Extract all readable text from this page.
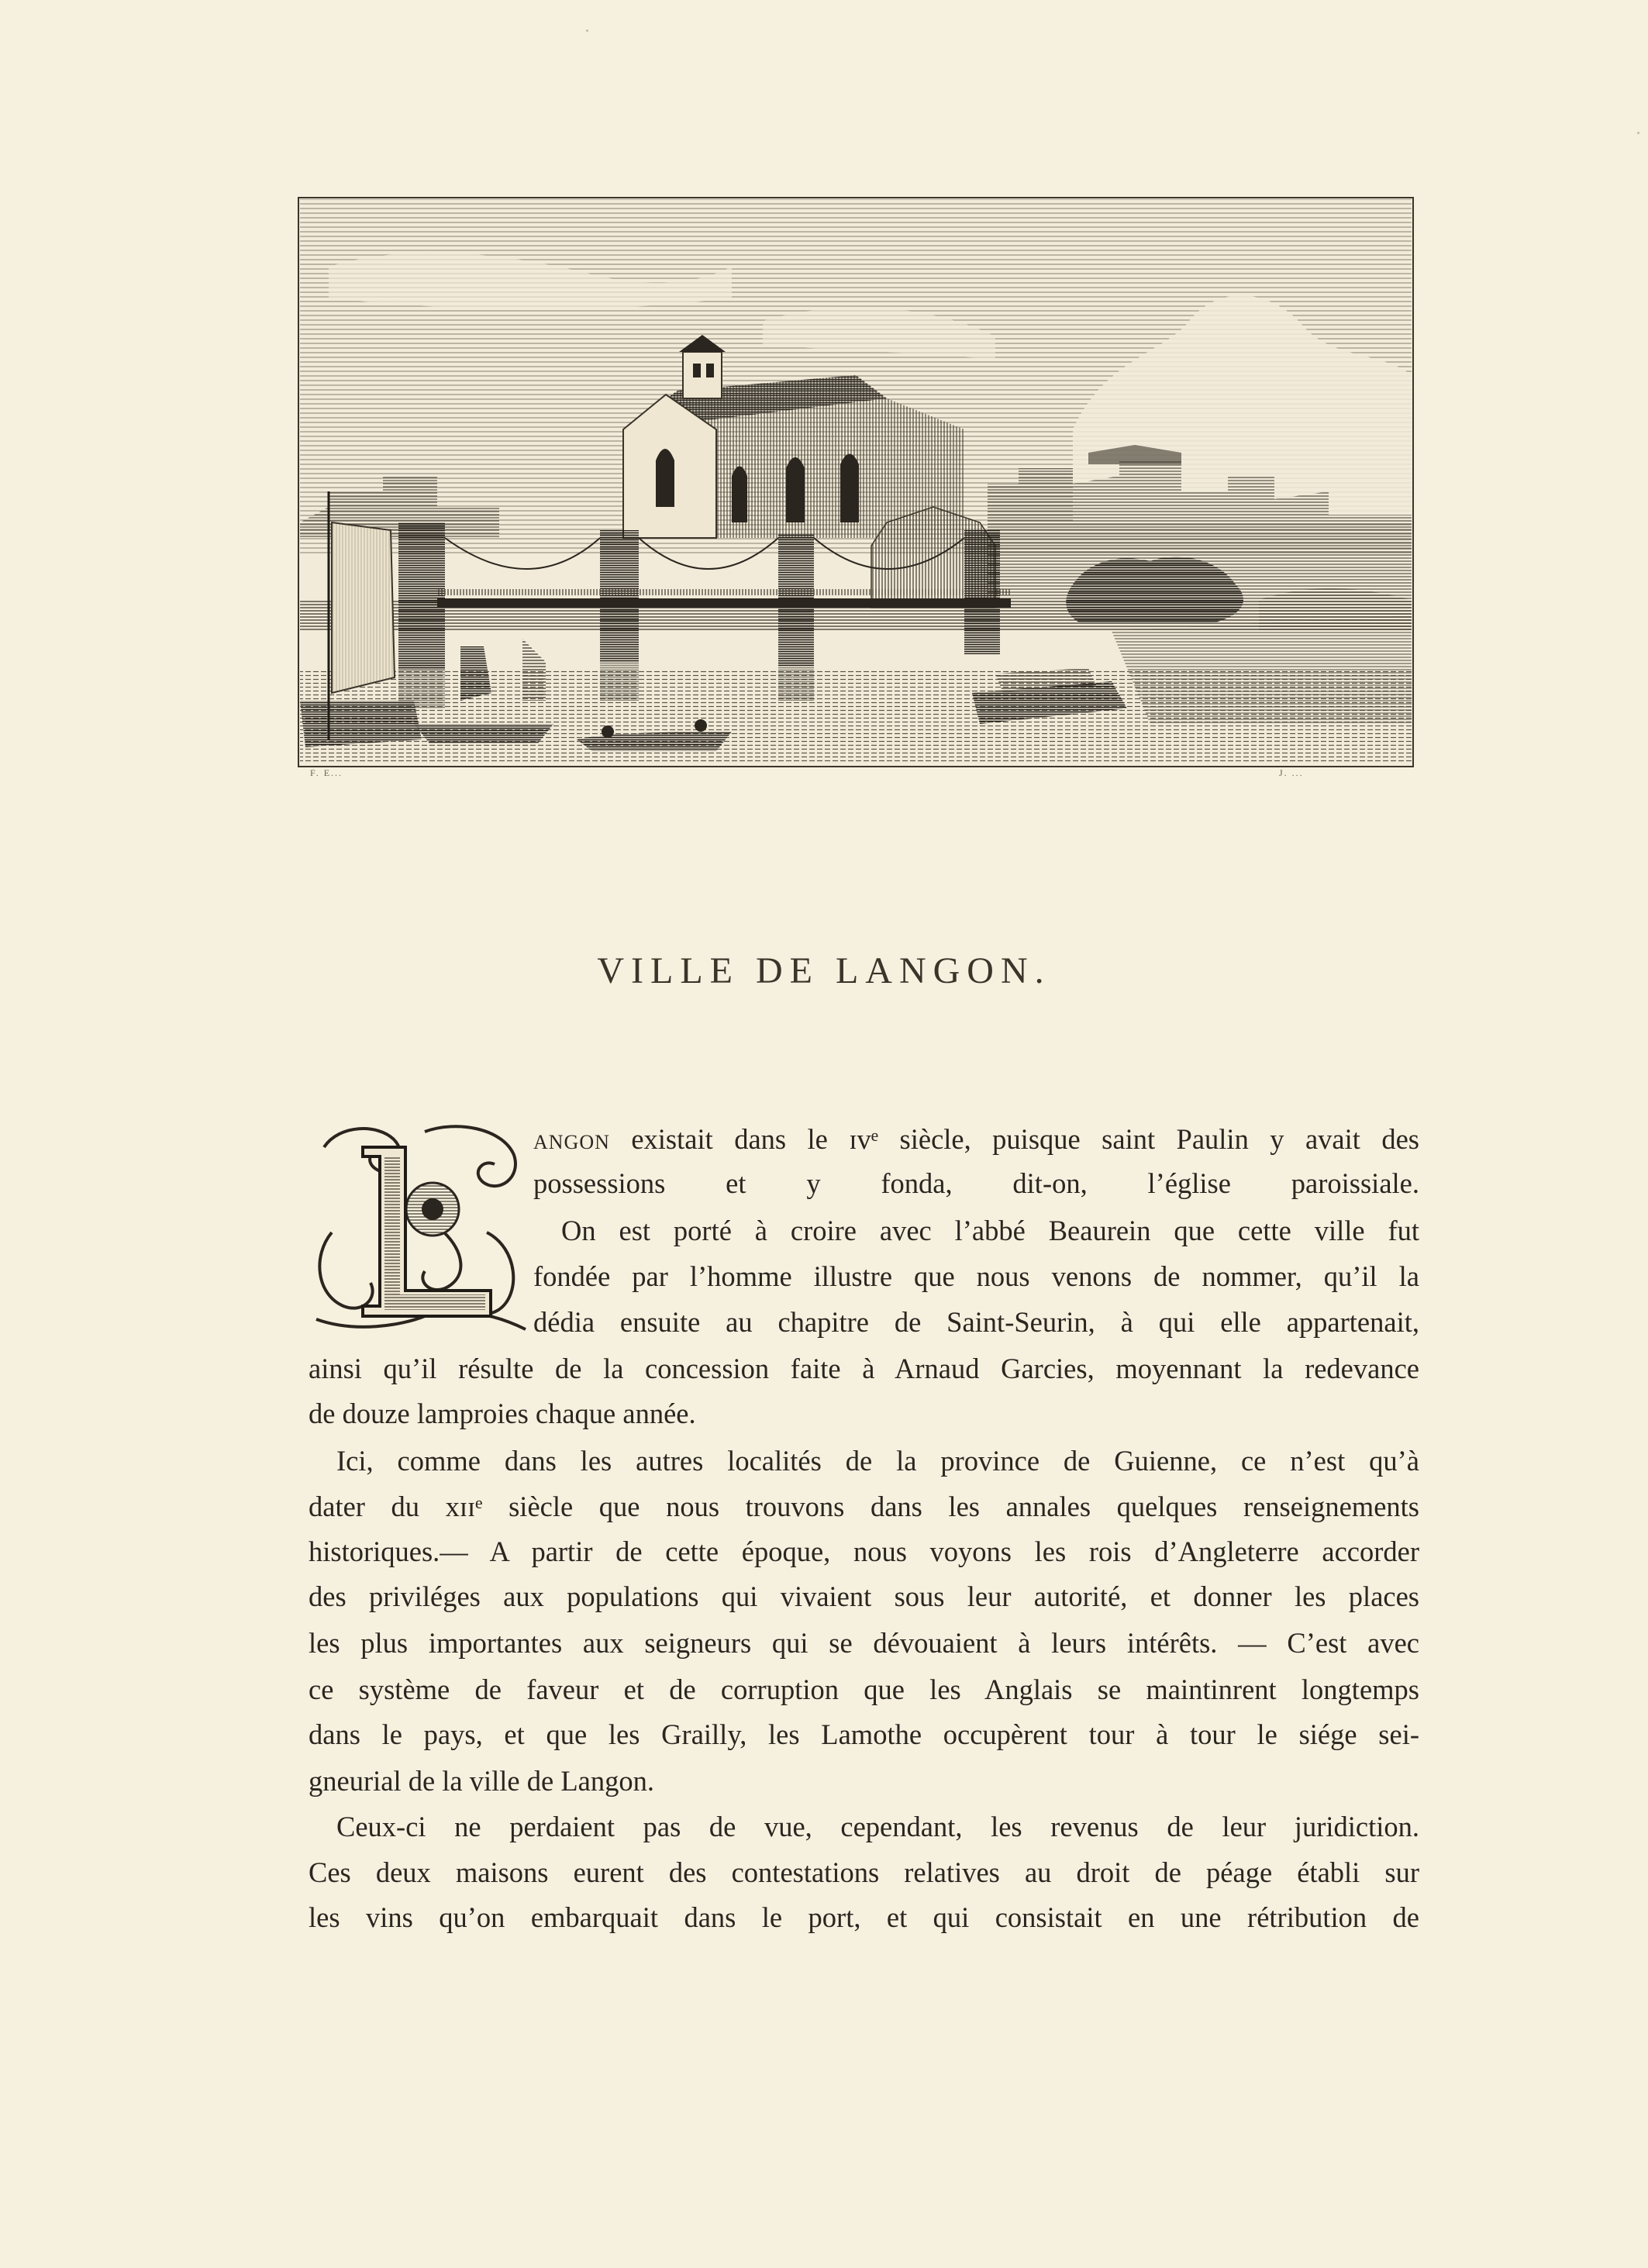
F. E...	J. ...
VILLE DE LANGON.
angon existait dans le ɪᴠᵉ siècle, puisque saint Paulin y avait des
possessions et y fonda, dit-on, l’église paroissiale.
On est porté à croire avec l’abbé Beaurein que cette ville fut
fondée par l’homme illustre que nous venons de nommer, qu’il la
dédia ensuite au chapitre de Saint-Seurin, à qui elle appartenait,
ainsi qu’il résulte de la concession faite à Arnaud Garcies, moyennant la redevance
de douze lamproies chaque année.
Ici, comme dans les autres localités de la province de Guienne, ce n’est qu’à
dater du xɪɪᵉ siècle que nous trouvons dans les annales quelques renseignements
historiques.— A partir de cette époque, nous voyons les rois d’Angleterre accorder
des priviléges aux populations qui vivaient sous leur autorité, et donner les places
les plus importantes aux seigneurs qui se dévouaient à leurs intérêts. — C’est avec
ce système de faveur et de corruption que les Anglais se maintinrent longtemps
dans le pays, et que les Grailly, les Lamothe occupèrent tour à tour le siége sei-
gneurial de la ville de Langon.
Ceux-ci ne perdaient pas de vue, cependant, les revenus de leur juridiction.
Ces deux maisons eurent des contestations relatives au droit de péage établi sur
les vins qu’on embarquait dans le port, et qui consistait en une rétribution de
